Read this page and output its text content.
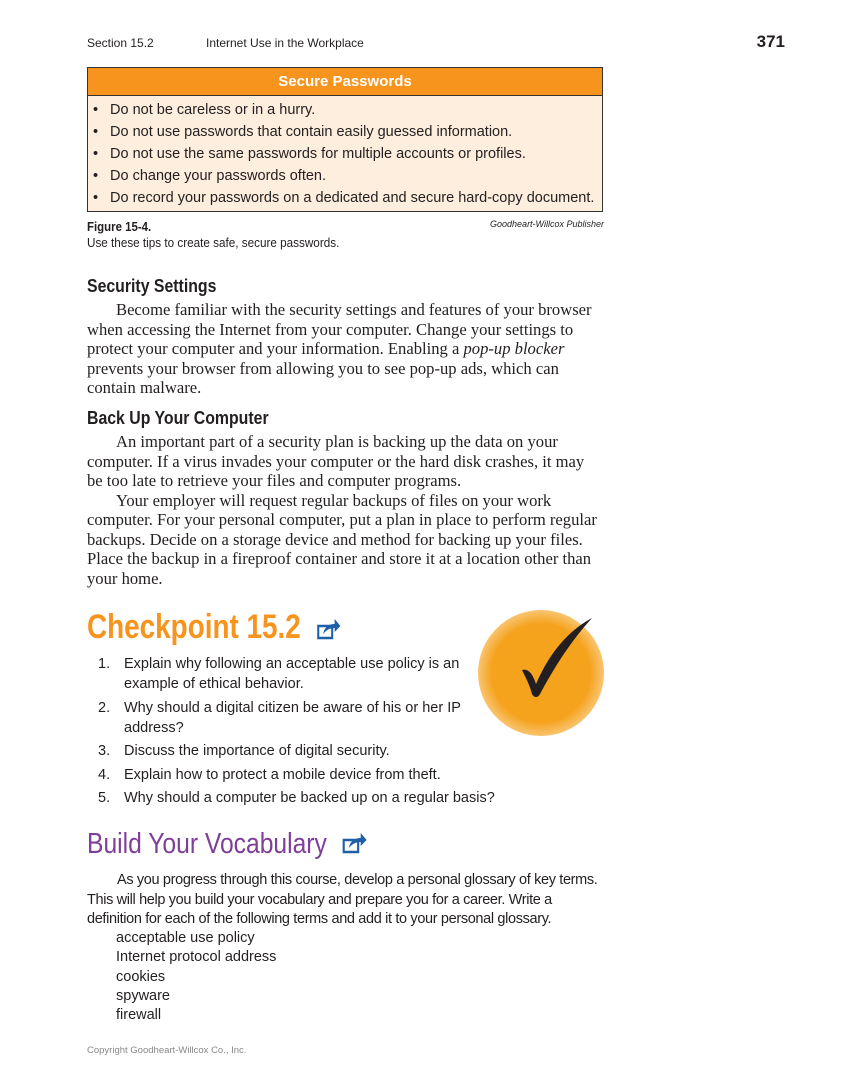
Section 15.2	Internet Use in the Workplace	371
Secure Passwords
• Do not be careless or in a hurry.
• Do not use passwords that contain easily guessed information.
• Do not use the same passwords for multiple accounts or profiles.
• Do change your passwords often.
• Do record your passwords on a dedicated and secure hard-copy document.
Figure 15-4.	Goodheart-Willcox Publisher
Use these tips to create safe, secure passwords.
Security Settings

Become familiar with the security settings and features of your browser when accessing the Internet from your computer. Change your settings to protect your computer and your information. Enabling a pop-up blocker prevents your browser from allowing you to see pop-up ads, which can contain malware.

Back Up Your Computer

An important part of a security plan is backing up the data on your computer. If a virus invades your computer or the hard disk crashes, it may be too late to retrieve your files and computer programs.

Your employer will request regular backups of files on your work computer. For your personal computer, put a plan in place to perform regular backups. Decide on a storage device and method for backing up your files. Place the backup in a fireproof container and store it at a location other than your home.

Checkpoint 15.2
1. Explain why following an acceptable use policy is an example of ethical behavior.
2. Why should a digital citizen be aware of his or her IP address?
3. Discuss the importance of digital security.
4. Explain how to protect a mobile device from theft.
5. Why should a computer be backed up on a regular basis?
Build Your Vocabulary

As you progress through this course, develop a personal glossary of key terms. This will help you build your vocabulary and prepare you for a career. Write a definition for each of the following terms and add it to your personal glossary.

acceptable use policy
Internet protocol address
cookies
spyware
firewall
Copyright Goodheart-Willcox Co., Inc.
